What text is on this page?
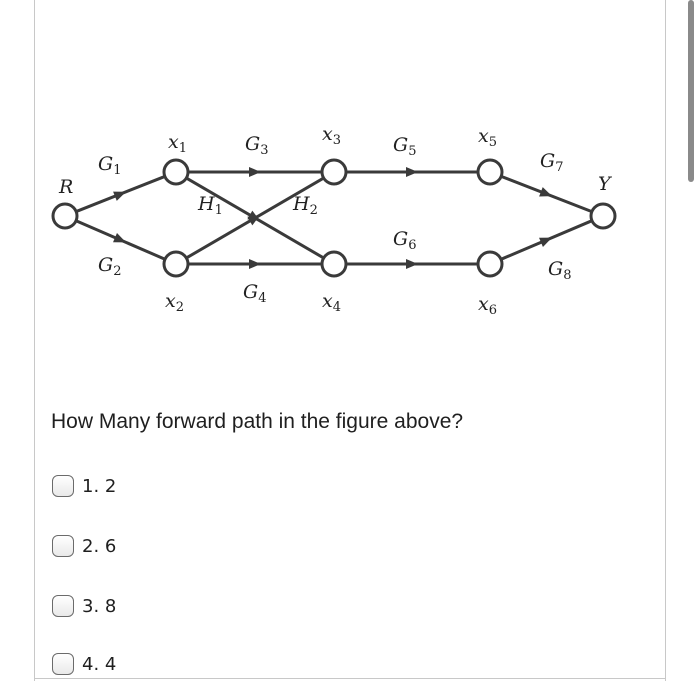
$G_1$
$G_2$
$G_3$
$G_4$
$H_1$	$H_2$
$G_5$
$G_6$
$G_7$
$G_8$
R
$x_1$
$x_2$
$x_3$
$x_4$
$x_5$
$x_6$
Y
How Many forward path in the figure above?
1. 2
2. 6
3. 8
4. 4
